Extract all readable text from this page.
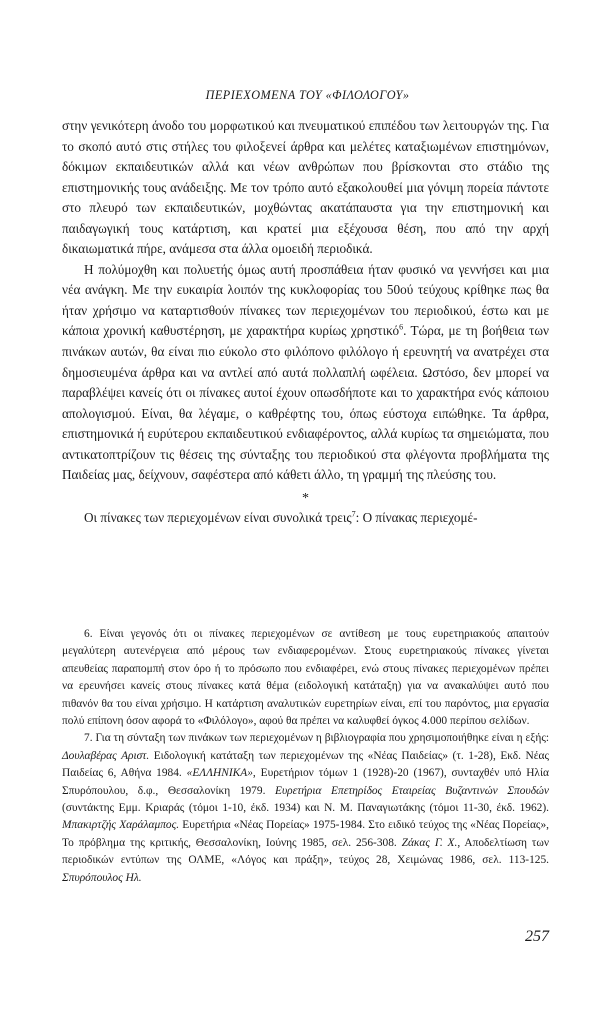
ΠΕΡΙΕΧΟΜΕΝΑ ΤΟΥ «ΦΙΛΟΛΟΓΟΥ»

στην γενικότερη άνοδο του μορφωτικού και πνευματικού επιπέδου των λειτουργών της. Για το σκοπό αυτό στις στήλες του φιλοξενεί άρθρα και μελέτες καταξιωμένων επιστημόνων, δόκιμων εκπαιδευτικών αλλά και νέων ανθρώπων που βρίσκονται στο στάδιο της επιστημονικής τους ανάδειξης. Με τον τρόπο αυτό εξακολουθεί μια γόνιμη πορεία πάντοτε στο πλευρό των εκπαιδευτικών, μοχθώντας ακατάπαυστα για την επιστημονική και παιδαγωγική τους κατάρτιση, και κρατεί μια εξέχουσα θέση, που από την αρχή δικαιωματικά πήρε, ανάμεσα στα άλλα ομοειδή περιοδικά.

Η πολύμοχθη και πολυετής όμως αυτή προσπάθεια ήταν φυσικό να γεννήσει και μια νέα ανάγκη. Με την ευκαιρία λοιπόν της κυκλοφορίας του 50ού τεύχους κρίθηκε πως θα ήταν χρήσιμο να καταρτισθούν πίνακες των περιεχομένων του περιοδικού, έστω και με κάποια χρονική καθυστέρηση, με χαρακτήρα κυρίως χρηστικό$^6$. Τώρα, με τη βοήθεια των πινάκων αυτών, θα είναι πιο εύκολο στο φιλόπονο φιλόλογο ή ερευνητή να ανατρέχει στα δημοσιευμένα άρθρα και να αντλεί από αυτά πολλαπλή ωφέλεια. Ωστόσο, δεν μπορεί να παραβλέψει κανείς ότι οι πίνακες αυτοί έχουν οπωσδήποτε και το χαρακτήρα ενός κάποιου απολογισμού. Είναι, θα λέγαμε, ο καθρέφτης του, όπως εύστοχα ειπώθηκε. Τα άρθρα, επιστημονικά ή ευρύτερου εκπαιδευτικού ενδιαφέροντος, αλλά κυρίως τα σημειώματα, που αντικατοπτρίζουν τις θέσεις της σύνταξης του περιοδικού στα φλέγοντα προβλήματα της Παιδείας μας, δείχνουν, σαφέστερα από κάθετι άλλο, τη γραμμή της πλεύσης του.

*

Οι πίνακες των περιεχομένων είναι συνολικά τρεις$^7$: Ο πίνακας περιεχομέ-

6. Είναι γεγονός ότι οι πίνακες περιεχομένων σε αντίθεση με τους ευρετηριακούς απαιτούν μεγαλύτερη αυτενέργεια από μέρους των ενδιαφερομένων. Στους ευρετηριακούς πίνακες γίνεται απευθείας παραπομπή στον όρο ή το πρόσωπο που ενδιαφέρει, ενώ στους πίνακες περιεχομένων πρέπει να ερευνήσει κανείς στους πίνακες κατά θέμα (ειδολογική κατάταξη) για να ανακαλύψει αυτό που πιθανόν θα του είναι χρήσιμο. Η κατάρτιση αναλυτικών ευρετηρίων είναι, επί του παρόντος, μια εργασία πολύ επίπονη όσον αφορά το «Φιλόλογο», αφού θα πρέπει να καλυφθεί όγκος 4.000 περίπου σελίδων.

7. Για τη σύνταξη των πινάκων των περιεχομένων η βιβλιογραφία που χρησιμοποιήθηκε είναι η εξής: Δουλαβέρας Αριστ. Ειδολογική κατάταξη των περιεχομένων της «Νέας Παιδείας» (τ. 1-28), Εκδ. Νέας Παιδείας 6, Αθήνα 1984. «ΕΛΛΗΝΙΚΑ», Ευρετήριον τόμων 1 (1928)-20 (1967), συνταχθέν υπό Ηλία Σπυρόπουλου, δ.φ., Θεσσαλονίκη 1979. Ευρετήρια Επετηρίδος Εταιρείας Βυζαντινών Σπουδών (συντάκτης Εμμ. Κριαράς (τόμοι 1-10, έκδ. 1934) και Ν. Μ. Παναγιωτάκης (τόμοι 11-30, έκδ. 1962). Μπακιρτζής Χαράλαμπος. Ευρετήρια «Νέας Πορείας» 1975-1984. Στο ειδικό τεύχος της «Νέας Πορείας», Το πρόβλημα της κριτικής, Θεσσαλονίκη, Ιούνης 1985, σελ. 256-308. Ζάκας Γ. Χ., Αποδελτίωση των περιοδικών εντύπων της ΟΛΜΕ, «Λόγος και πράξη», τεύχος 28, Χειμώνας 1986, σελ. 113-125. Σπυρόπουλος Ηλ.

257
